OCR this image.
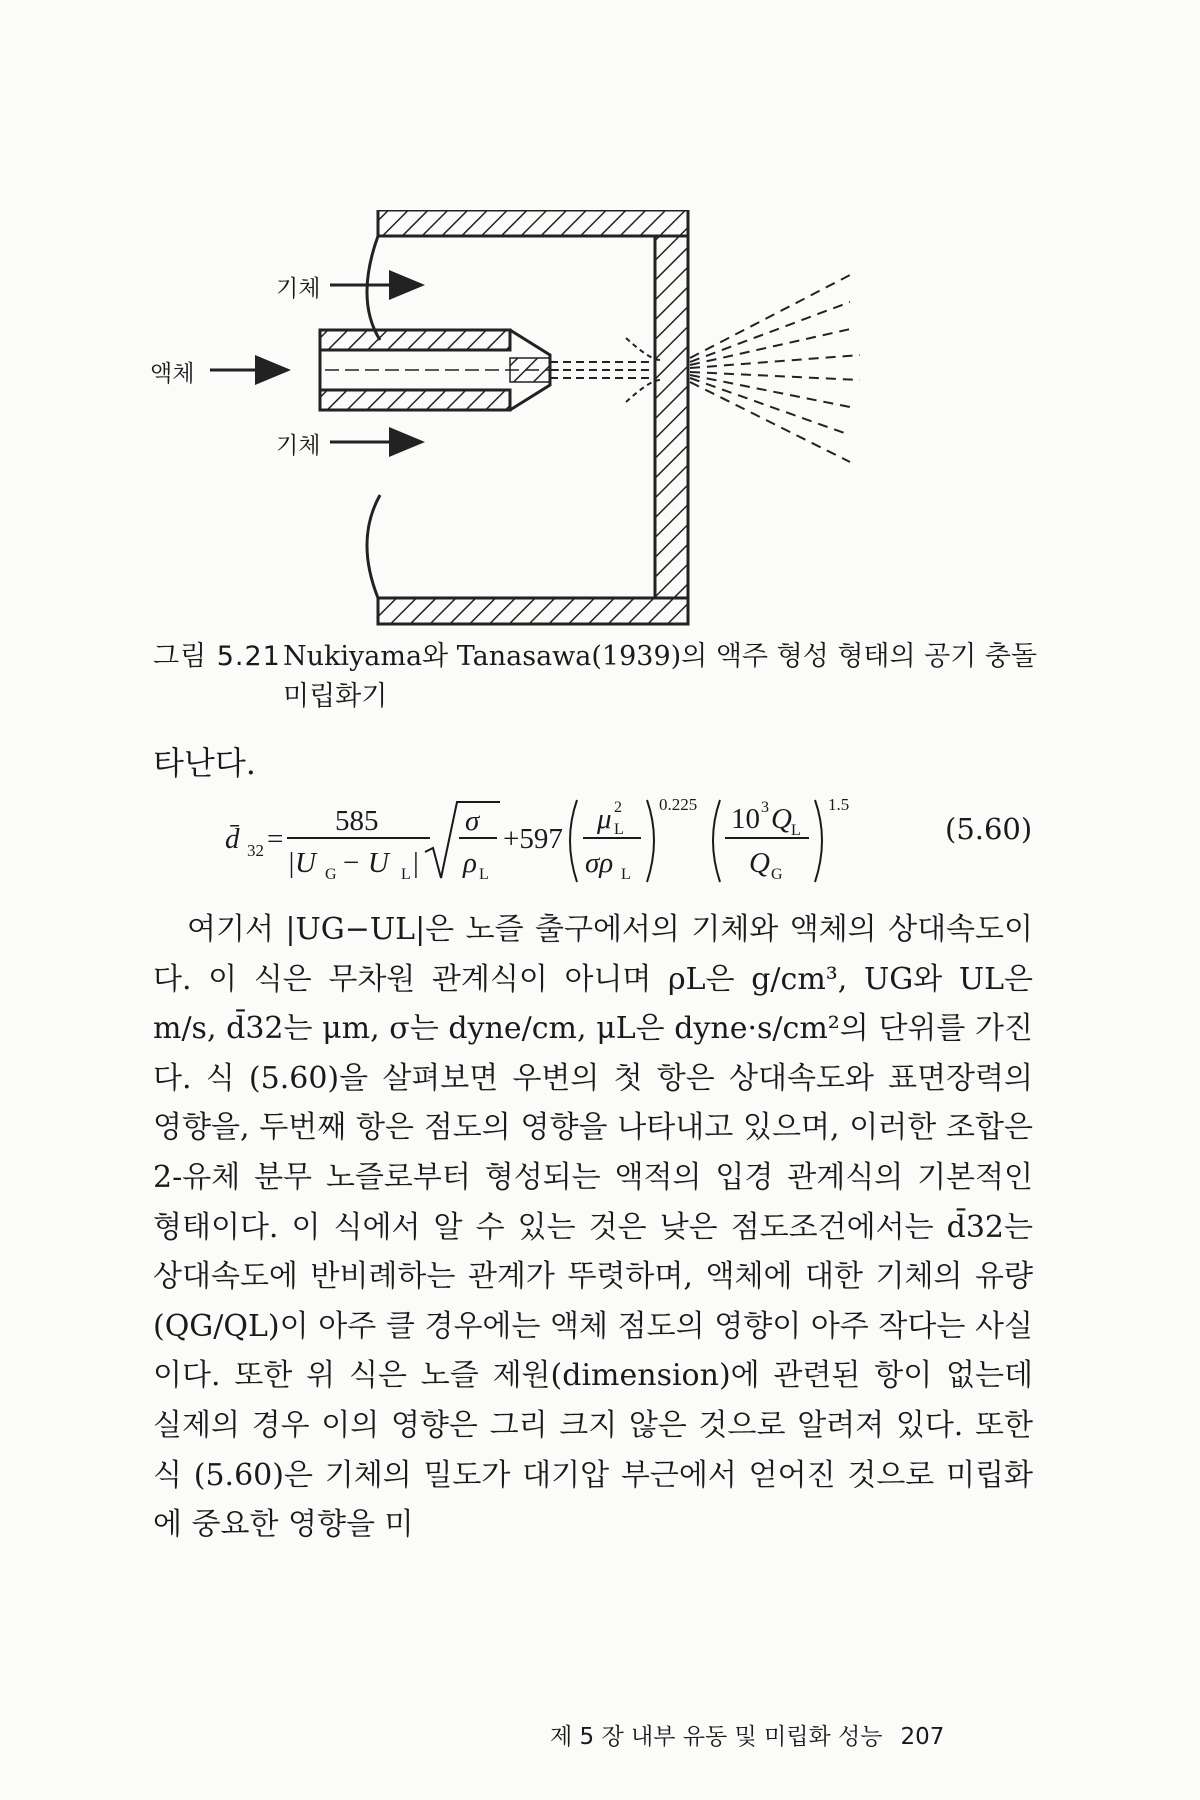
기체
액체
기체
그림 5.21Nukiyama와 Tanasawa(1939)의 액주 형성 형태의 공기 충돌
미립화기
타난다.
d̄ 32 =
585
|U G − U L |
σ
ρ L
+597
μ 2
L
σρ L
0.225 10 3 Q L
Q G
1.5
(5.60)

여기서 |UG−UL|은 노즐 출구에서의 기체와 액체의 상대속도이다. 이 식은 무차원 관계식이 아니며 ρL은 g/cm³, UG와 UL은 m/s, d̄32는 μm, σ는 dyne/cm, μL은 dyne·s/cm²의 단위를 가진다. 식 (5.60)을 살펴보면 우변의 첫 항은 상대속도와 표면장력의 영향을, 두번째 항은 점도의 영향을 나타내고 있으며, 이러한 조합은 2-유체 분무 노즐로부터 형성되는 액적의 입경 관계식의 기본적인 형태이다. 이 식에서 알 수 있는 것은 낮은 점도조건에서는 d̄32는 상대속도에 반비례하는 관계가 뚜렷하며, 액체에 대한 기체의 유량(QG/QL)이 아주 클 경우에는 액체 점도의 영향이 아주 작다는 사실이다. 또한 위 식은 노즐 제원(dimension)에 관련된 항이 없는데 실제의 경우 이의 영향은 그리 크지 않은 것으로 알려져 있다. 또한 식 (5.60)은 기체의 밀도가 대기압 부근에서 얻어진 것으로 미립화에 중요한 영향을 미

제 5 장 내부 유동 및 미립화 성능 207
